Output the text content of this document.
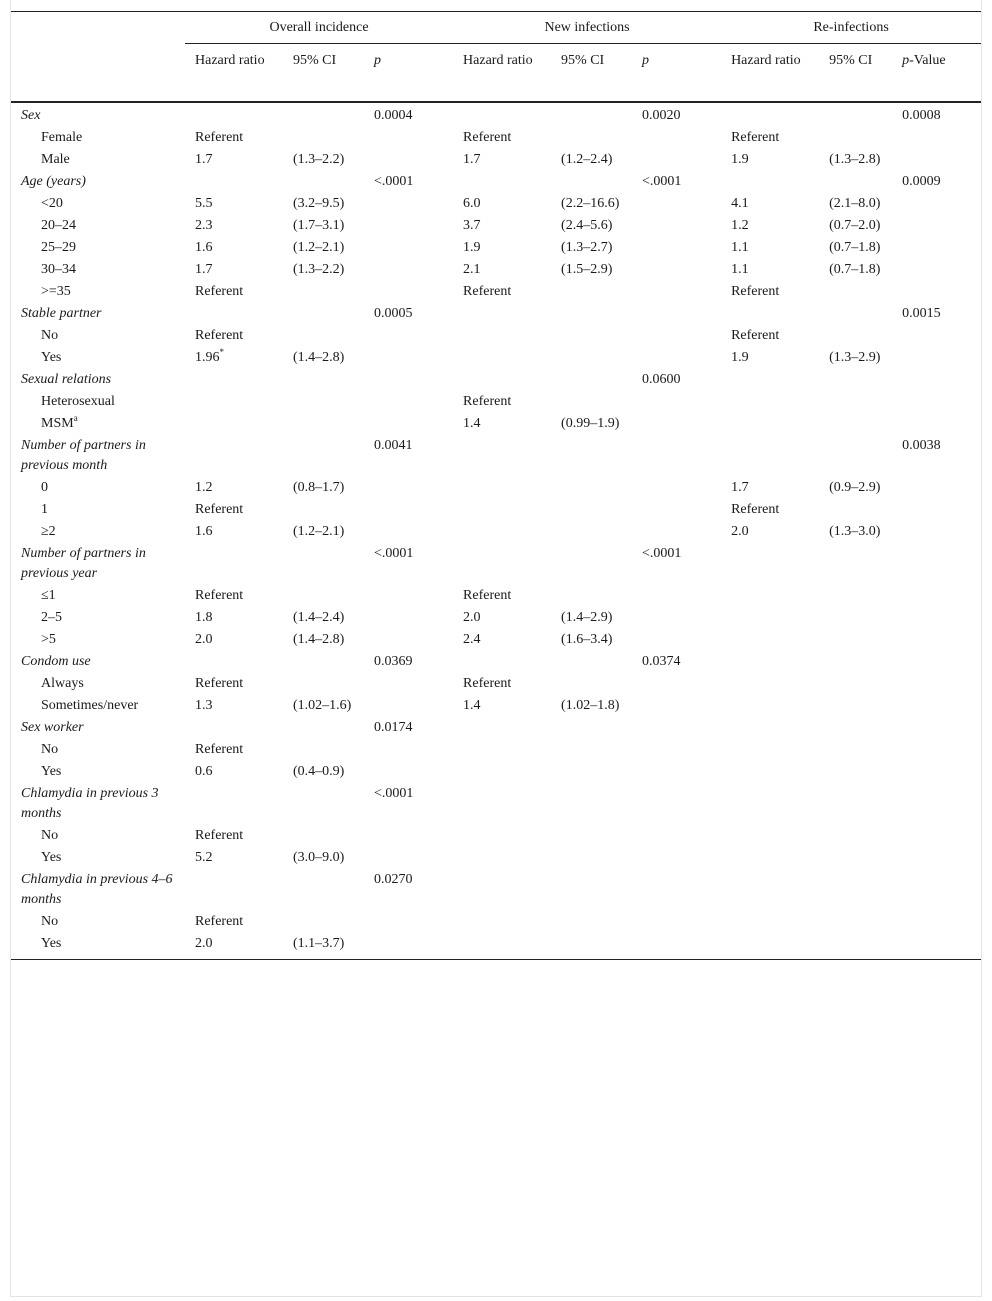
	Overall incidence			New infections			Re-infections		
	Hazard ratio	95% CI	p	Hazard ratio	95% CI	p	Hazard ratio	95% CI	p-Value
Sex			0.0004			0.0020			0.0008
Female	Referent			Referent			Referent		
Male	1.7	(1.3–2.2)		1.7	(1.2–2.4)		1.9	(1.3–2.8)	
Age (years)			<.0001			<.0001			0.0009
<20	5.5	(3.2–9.5)		6.0	(2.2–16.6)		4.1	(2.1–8.0)	
20–24	2.3	(1.7–3.1)		3.7	(2.4–5.6)		1.2	(0.7–2.0)	
25–29	1.6	(1.2–2.1)		1.9	(1.3–2.7)		1.1	(0.7–1.8)	
30–34	1.7	(1.3–2.2)		2.1	(1.5–2.9)		1.1	(0.7–1.8)	
>=35	Referent			Referent			Referent		
Stable partner			0.0005						0.0015
No	Referent						Referent		
Yes	1.96*	(1.4–2.8)					1.9	(1.3–2.9)	
Sexual relations						0.0600			
Heterosexual				Referent					
MSM$^a$				1.4	(0.99–1.9)				
Number of partners in previous month			0.0041						0.0038
0	1.2	(0.8–1.7)					1.7	(0.9–2.9)	
1	Referent						Referent		
≥2	1.6	(1.2–2.1)					2.0	(1.3–3.0)	
Number of partners in previous year			<.0001			<.0001			
≤1	Referent			Referent					
2–5	1.8	(1.4–2.4)		2.0	(1.4–2.9)				
>5	2.0	(1.4–2.8)		2.4	(1.6–3.4)				
Condom use			0.0369			0.0374			
Always	Referent			Referent					
Sometimes/never	1.3	(1.02–1.6)		1.4	(1.02–1.8)				
Sex worker			0.0174						
No	Referent								
Yes	0.6	(0.4–0.9)							
Chlamydia in previous 3 months			<.0001						
No	Referent								
Yes	5.2	(3.0–9.0)							
Chlamydia in previous 4–6 months			0.0270						
No	Referent								
Yes	2.0	(1.1–3.7)							
